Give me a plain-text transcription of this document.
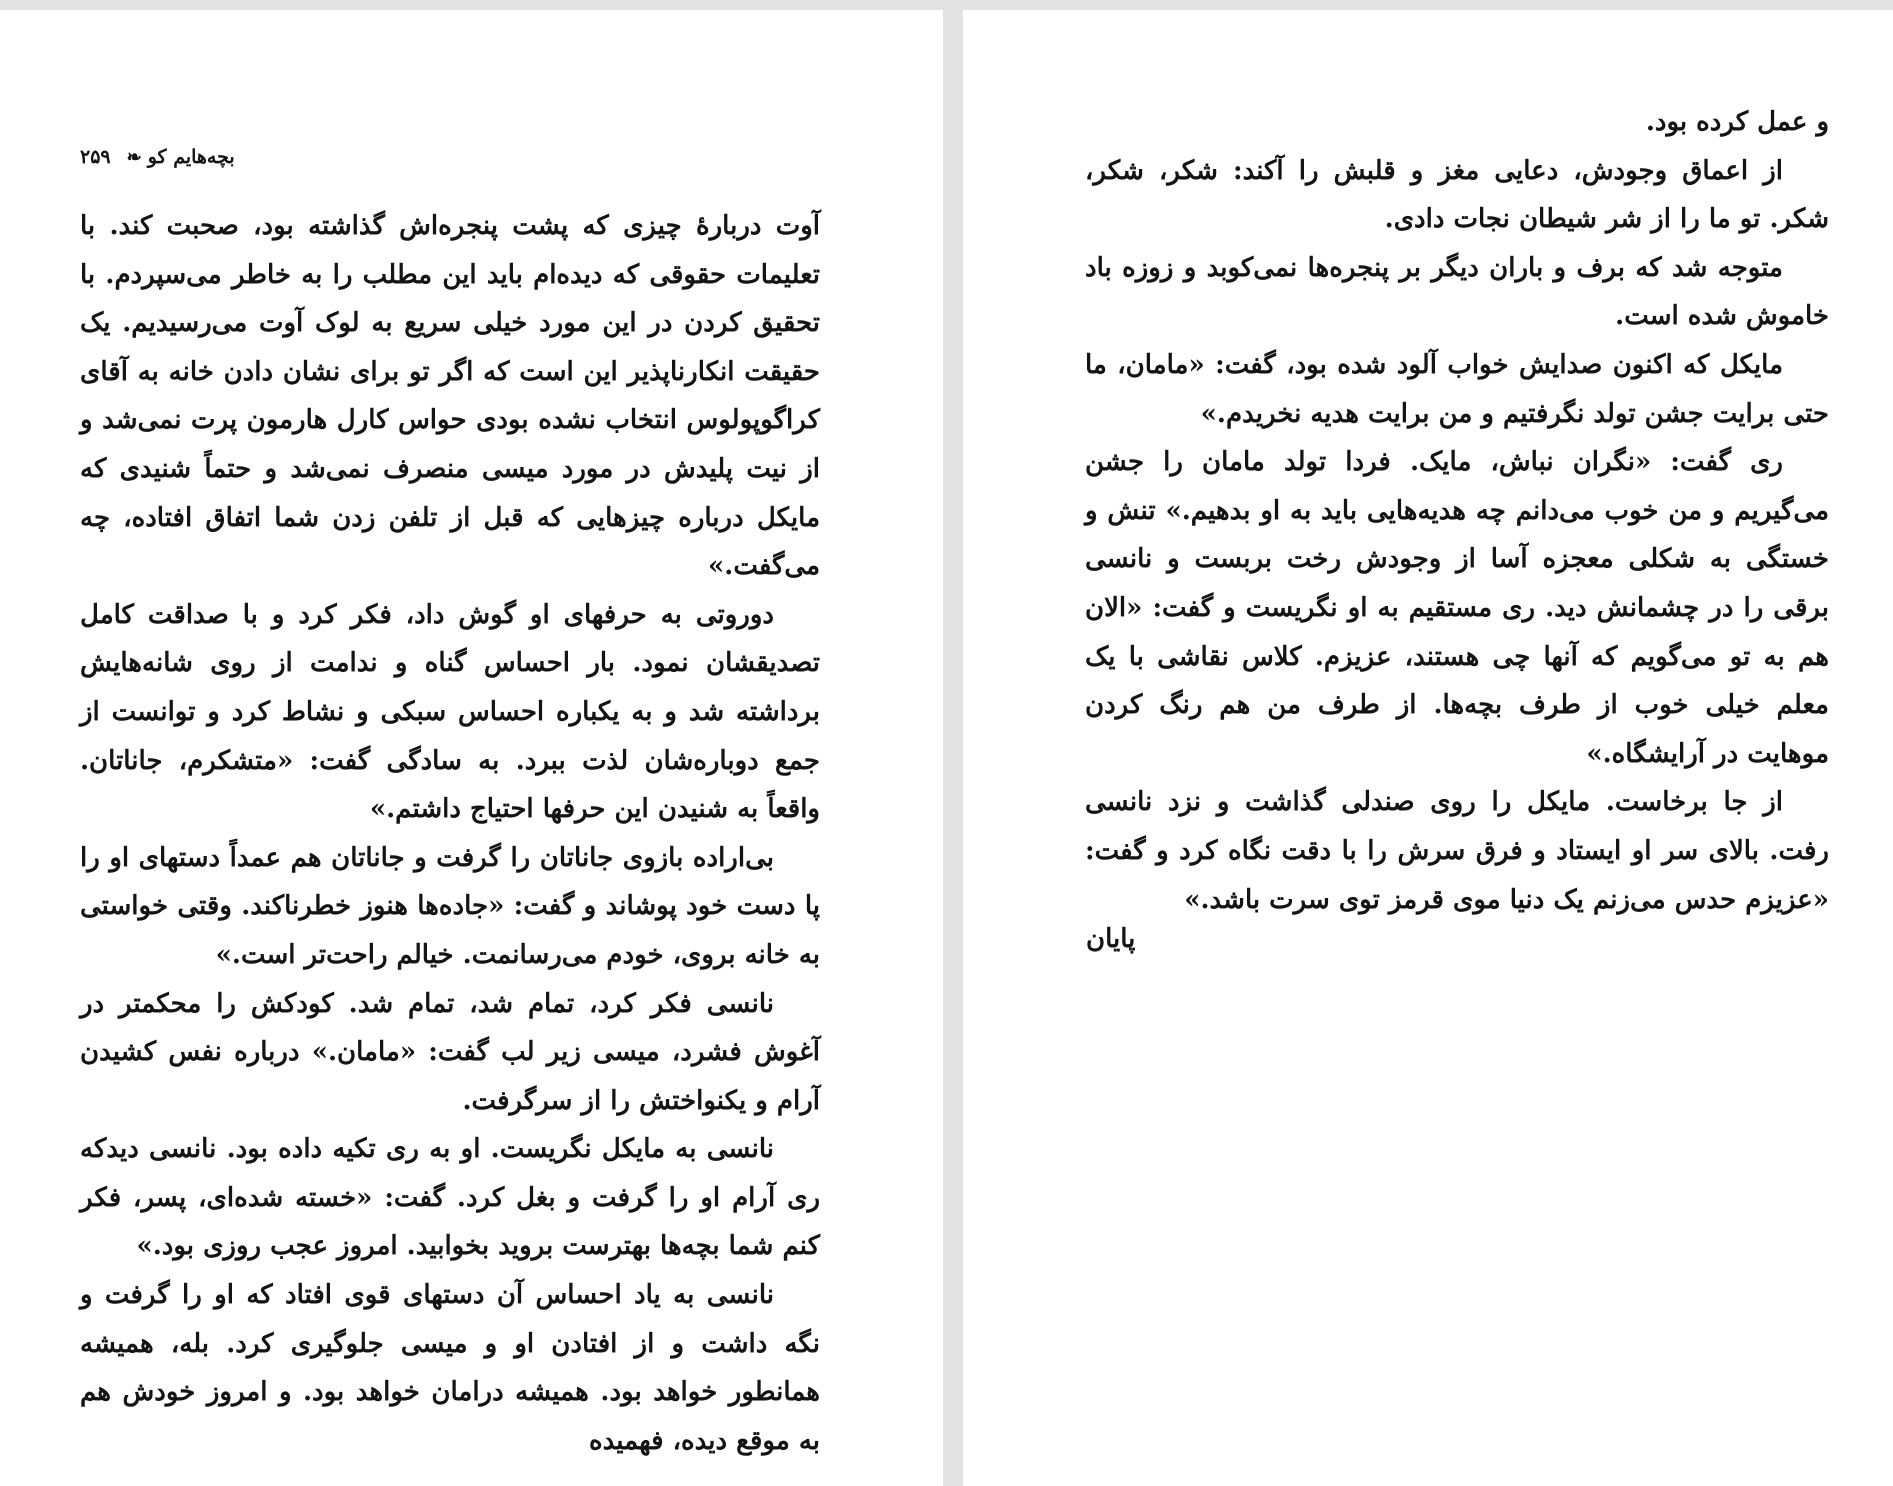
بچه‌هایم کو❧۲۵۹

آوت دربارهٔ چیزی که پشت پنجره‌اش گذاشته بود، صحبت کند. با تعلیمات حقوقی که دیده‌ام باید این مطلب را به خاطر می‌سپردم. با تحقیق کردن در این مورد خیلی سریع به لوک آوت می‌رسیدیم. یک حقیقت انکارناپذیر این است که اگر تو برای نشان دادن خانه به آقای کراگوپولوس انتخاب نشده بودی حواس کارل هارمون پرت نمی‌شد و از نیت پلیدش در مورد میسی منصرف نمی‌شد و حتماً شنیدی که مایکل درباره چیزهایی که قبل از تلفن زدن شما اتفاق افتاده، چه می‌گفت.»

دوروتی به حرفهای او گوش داد، فکر کرد و با صداقت کامل تصدیقشان نمود. بار احساس گناه و ندامت از روی شانه‌هایش برداشته شد و به یکباره احساس سبکی و نشاط کرد و توانست از جمع دوباره‌شان لذت ببرد. به سادگی گفت: «متشکرم، جاناتان. واقعاً به شنیدن این حرفها احتیاج داشتم.»

بی‌اراده بازوی جاناتان را گرفت و جاناتان هم عمداً دستهای او را پا دست خود پوشاند و گفت: «جاده‌ها هنوز خطرناکند. وقتی خواستی به خانه بروی، خودم می‌رسانمت. خیالم راحت‌تر است.»

نانسی فکر کرد، تمام شد، تمام شد. کودکش را محکمتر در آغوش فشرد، میسی زیر لب گفت: «مامان.» درباره نفس کشیدن آرام و یکنواختش را از سرگرفت.

نانسی به مایکل نگریست. او به ری تکیه داده بود. نانسی دیدکه ری آرام او را گرفت و بغل کرد. گفت: «خسته شده‌ای، پسر، فکر کنم شما بچه‌ها بهترست بروید بخوابید. امروز عجب روزی بود.»

نانسی به یاد احساس آن دستهای قوی افتاد که او را گرفت و نگه داشت و از افتادن او و میسی جلوگیری کرد. بله، همیشه همانطور خواهد بود. همیشه درامان خواهد بود. و امروز خودش هم به موقع دیده، فهمیده

و عمل کرده بود.

از اعماق وجودش، دعایی مغز و قلبش را آکند: شکر، شکر، شکر. تو ما را از شر شیطان نجات دادی.

متوجه شد که برف و باران دیگر بر پنجره‌ها نمی‌کوبد و زوزه باد خاموش شده است.

مایکل که اکنون صدایش خواب آلود شده بود، گفت: «مامان، ما حتی برایت جشن تولد نگرفتیم و من برایت هدیه نخریدم.»

ری گفت: «نگران نباش، مایک. فردا تولد مامان را جشن می‌گیریم و من خوب می‌دانم چه هدیه‌هایی باید به او بدهیم.» تنش و خستگی به شکلی معجزه آسا از وجودش رخت بربست و نانسی برقی را در چشمانش دید. ری مستقیم به او نگریست و گفت: «الان هم به تو می‌گویم که آنها چی هستند، عزیزم. کلاس نقاشی با یک معلم خیلی خوب از طرف بچه‌ها. از طرف من هم رنگ کردن موهایت در آرایشگاه.»

از جا برخاست. مایکل را روی صندلی گذاشت و نزد نانسی رفت. بالای سر او ایستاد و فرق سرش را با دقت نگاه کرد و گفت: «عزیزم حدس می‌زنم یک دنیا موی قرمز توی سرت باشد.»

پایان
